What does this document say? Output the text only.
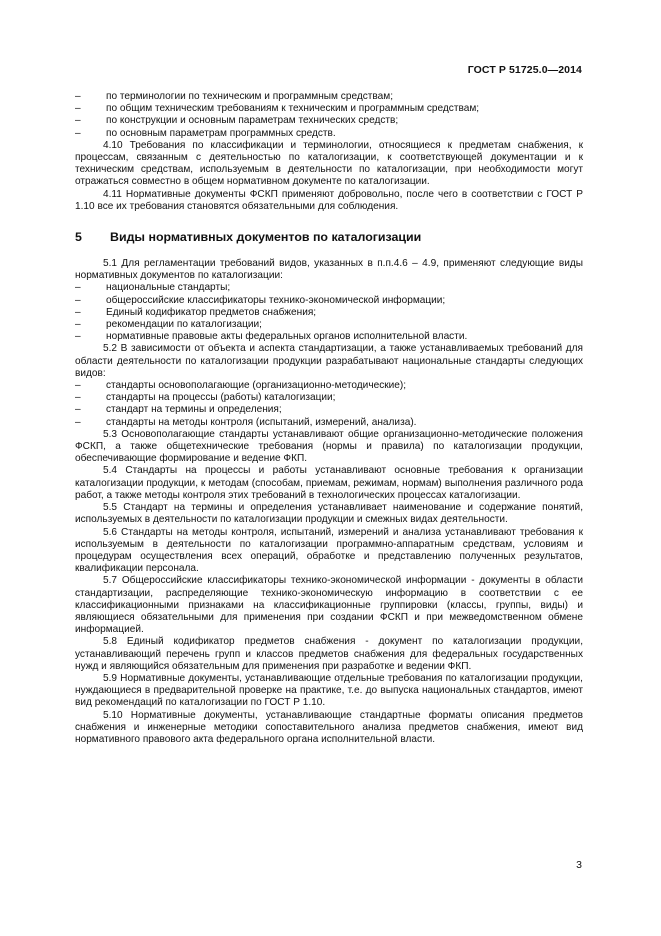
ГОСТ Р 51725.0—2014

–	по терминологии по техническим и программным средствам;

–	по общим техническим требованиям к техническим и программным средствам;

–	по конструкции и основным параметрам технических средств;

–	по основным параметрам программных средств.

4.10 Требования по классификации и терминологии, относящиеся к предметам снабжения, к процессам, связанным с деятельностью по каталогизации, к соответствующей документации и к техническим средствам, используемым в деятельности по каталогизации, при необходимости могут отражаться совместно в общем нормативном документе по каталогизации.

4.11 Нормативные документы ФСКП применяют добровольно, после чего в соответствии с ГОСТ Р 1.10 все их требования становятся обязательными для соблюдения.

5 Виды нормативных документов по каталогизации

5.1 Для регламентации требований видов, указанных в п.п.4.6 – 4.9, применяют следующие виды нормативных документов по каталогизации:

–	национальные стандарты;

–	общероссийские классификаторы технико-экономической информации;

–	Единый кодификатор предметов снабжения;

–	рекомендации по каталогизации;

–	нормативные правовые акты федеральных органов исполнительной власти.

5.2 В зависимости от объекта и аспекта стандартизации, а также устанавливаемых требований для области деятельности по каталогизации продукции разрабатывают национальные стандарты следующих видов:

–	стандарты основополагающие (организационно-методические);

–	стандарты на процессы (работы) каталогизации;

–	стандарт на термины и определения;

–	стандарты на методы контроля (испытаний, измерений, анализа).

5.3 Основополагающие стандарты устанавливают общие организационно-методические положения ФСКП, а также общетехнические требования (нормы и правила) по каталогизации продукции, обеспечивающие формирование и ведение ФКП.

5.4 Стандарты на процессы и работы устанавливают основные требования к организации каталогизации продукции, к методам (способам, приемам, режимам, нормам) выполнения различного рода работ, а также методы контроля этих требований в технологических процессах каталогизации.

5.5 Стандарт на термины и определения устанавливает наименование и содержание понятий, используемых в деятельности по каталогизации продукции и смежных видах деятельности.

5.6 Стандарты на методы контроля, испытаний, измерений и анализа устанавливают требования к используемым в деятельности по каталогизации программно-аппаратным средствам, условиям и процедурам осуществления всех операций, обработке и представлению полученных результатов, квалификации персонала.

5.7 Общероссийские классификаторы технико-экономической информации - документы в области стандартизации, распределяющие технико-экономическую информацию в соответствии с ее классификационными признаками на классификационные группировки (классы, группы, виды) и являющиеся обязательными для применения при создании ФСКП и при межведомственном обмене информацией.

5.8 Единый кодификатор предметов снабжения - документ по каталогизации продукции, устанавливающий перечень групп и классов предметов снабжения для федеральных государственных нужд и являющийся обязательным для применения при разработке и ведении ФКП.

5.9 Нормативные документы, устанавливающие отдельные требования по каталогизации продукции, нуждающиеся в предварительной проверке на практике, т.е. до выпуска национальных стандартов, имеют вид рекомендаций по каталогизации по ГОСТ Р 1.10.

5.10 Нормативные документы, устанавливающие стандартные форматы описания предметов снабжения и инженерные методики сопоставительного анализа предметов снабжения, имеют вид нормативного правового акта федерального органа исполнительной власти.

3
